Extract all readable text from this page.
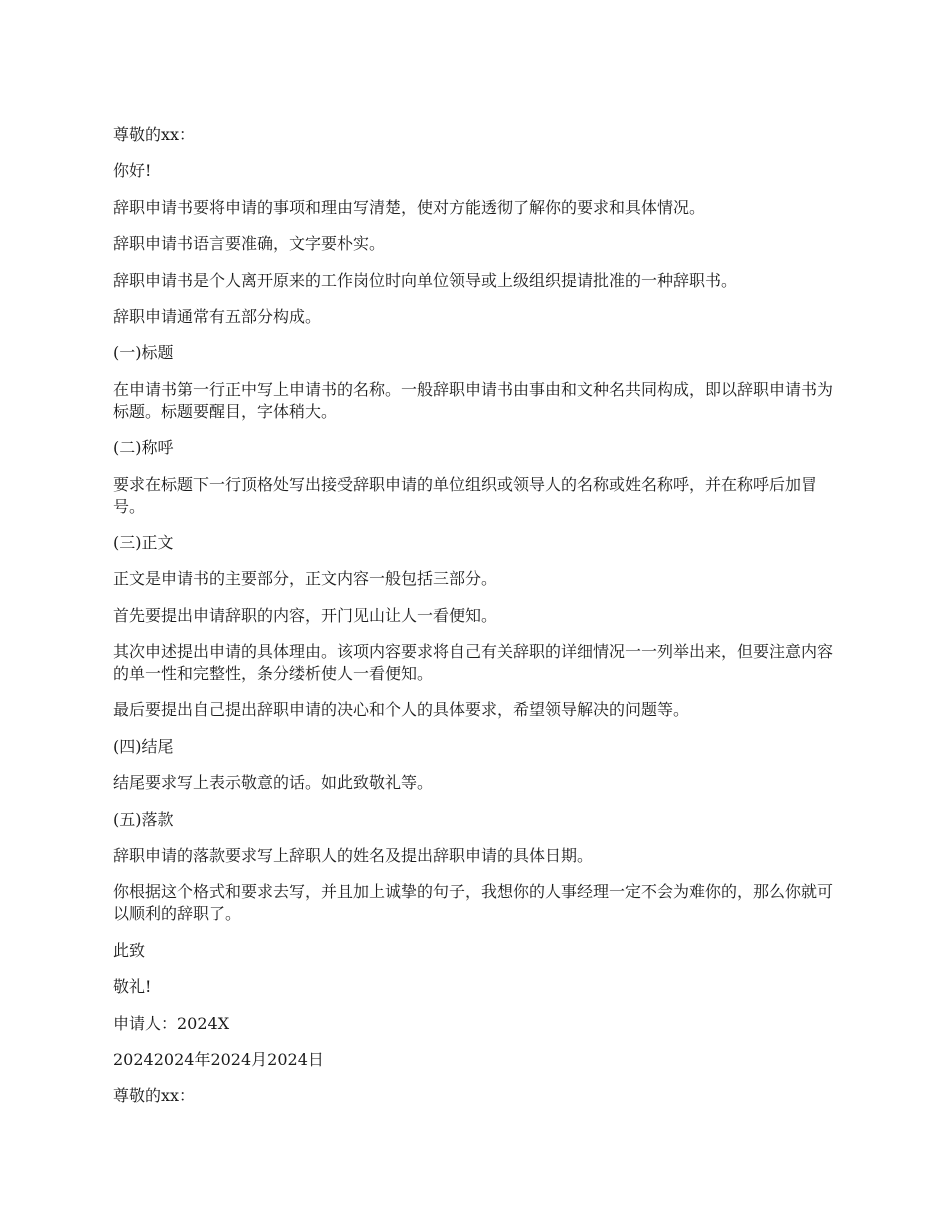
尊敬的xx：

你好!

辞职申请书要将申请的事项和理由写清楚，使对方能透彻了解你的要求和具体情况。

辞职申请书语言要准确，文字要朴实。

辞职申请书是个人离开原来的工作岗位时向单位领导或上级组织提请批准的一种辞职书。

辞职申请通常有五部分构成。

(一)标题

在申请书第一行正中写上申请书的名称。一般辞职申请书由事由和文种名共同构成，即以辞职申请书为标题。标题要醒目，字体稍大。

(二)称呼

要求在标题下一行顶格处写出接受辞职申请的单位组织或领导人的名称或姓名称呼，并在称呼后加冒号。

(三)正文

正文是申请书的主要部分，正文内容一般包括三部分。

首先要提出申请辞职的内容，开门见山让人一看便知。

其次申述提出申请的具体理由。该项内容要求将自己有关辞职的详细情况一一列举出来，但要注意内容的单一性和完整性，条分缕析使人一看便知。

最后要提出自己提出辞职申请的决心和个人的具体要求，希望领导解决的问题等。

(四)结尾

结尾要求写上表示敬意的话。如此致敬礼等。

(五)落款

辞职申请的落款要求写上辞职人的姓名及提出辞职申请的具体日期。

你根据这个格式和要求去写，并且加上诚挚的句子，我想你的人事经理一定不会为难你的，那么你就可以顺利的辞职了。

此致

敬礼!

申请人：2024X

20242024年2024月2024日

尊敬的xx：
